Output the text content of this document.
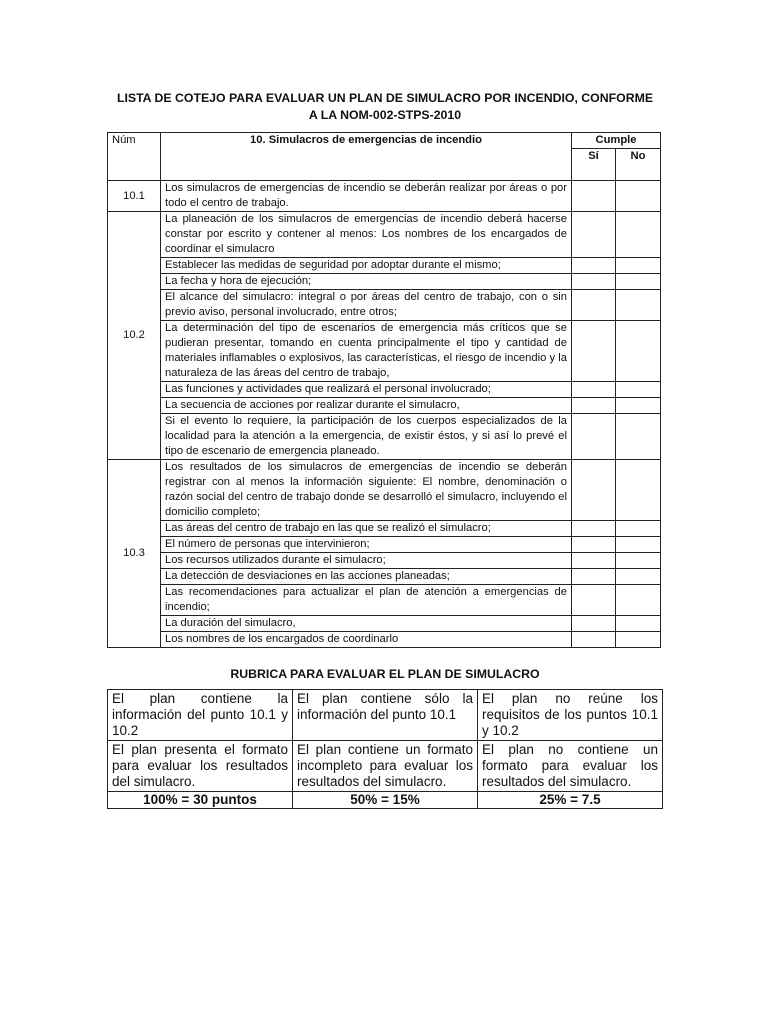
LISTA DE COTEJO PARA EVALUAR UN PLAN DE SIMULACRO POR INCENDIO, CONFORME
A LA NOM-002-STPS-2010
Núm	10. Simulacros de emergencias de incendio	Cumple	
		Sí	No
10.1	Los simulacros de emergencias de incendio se deberán realizar por áreas o por todo el centro de trabajo.		
10.2	La planeación de los simulacros de emergencias de incendio deberá hacerse constar por escrito y contener al menos: Los nombres de los encargados de coordinar el simulacro		
	Establecer las medidas de seguridad por adoptar durante el mismo;		
	La fecha y hora de ejecución;		
	El alcance del simulacro: integral o por áreas del centro de trabajo, con o sin previo aviso, personal involucrado, entre otros;		
	La determinación del tipo de escenarios de emergencia más críticos que se pudieran presentar, tomando en cuenta principalmente el tipo y cantidad de materiales inflamables o explosivos, las características, el riesgo de incendio y la naturaleza de las áreas del centro de trabajo,		
	Las funciones y actividades que realizará el personal involucrado;		
	La secuencia de acciones por realizar durante el simulacro,		
	Si el evento lo requiere, la participación de los cuerpos especializados de la localidad para la atención a la emergencia, de existir éstos, y si así lo prevé el tipo de escenario de emergencia planeado.		
10.3	Los resultados de los simulacros de emergencias de incendio se deberán registrar con al menos la información siguiente: El nombre, denominación o razón social del centro de trabajo donde se desarrolló el simulacro, incluyendo el domicilio completo;		
	Las áreas del centro de trabajo en las que se realizó el simulacro;		
	El número de personas que intervinieron;		
	Los recursos utilizados durante el simulacro;		
	La detección de desviaciones en las acciones planeadas;		
	Las recomendaciones para actualizar el plan de atención a emergencias de incendio;		
	La duración del simulacro,		
	Los nombres de los encargados de coordinarlo		
RUBRICA PARA EVALUAR EL PLAN DE SIMULACRO
El plan contiene la información del punto 10.1 y 10.2	El plan contiene sólo la información del punto 10.1	El plan no reúne los requisitos de los puntos 10.1 y 10.2
El plan presenta el formato para evaluar los resultados del simulacro.	El plan contiene un formato incompleto para evaluar los resultados del simulacro.	El plan no contiene un formato para evaluar los resultados del simulacro.
100% = 30 puntos	50% = 15%	25% = 7.5
